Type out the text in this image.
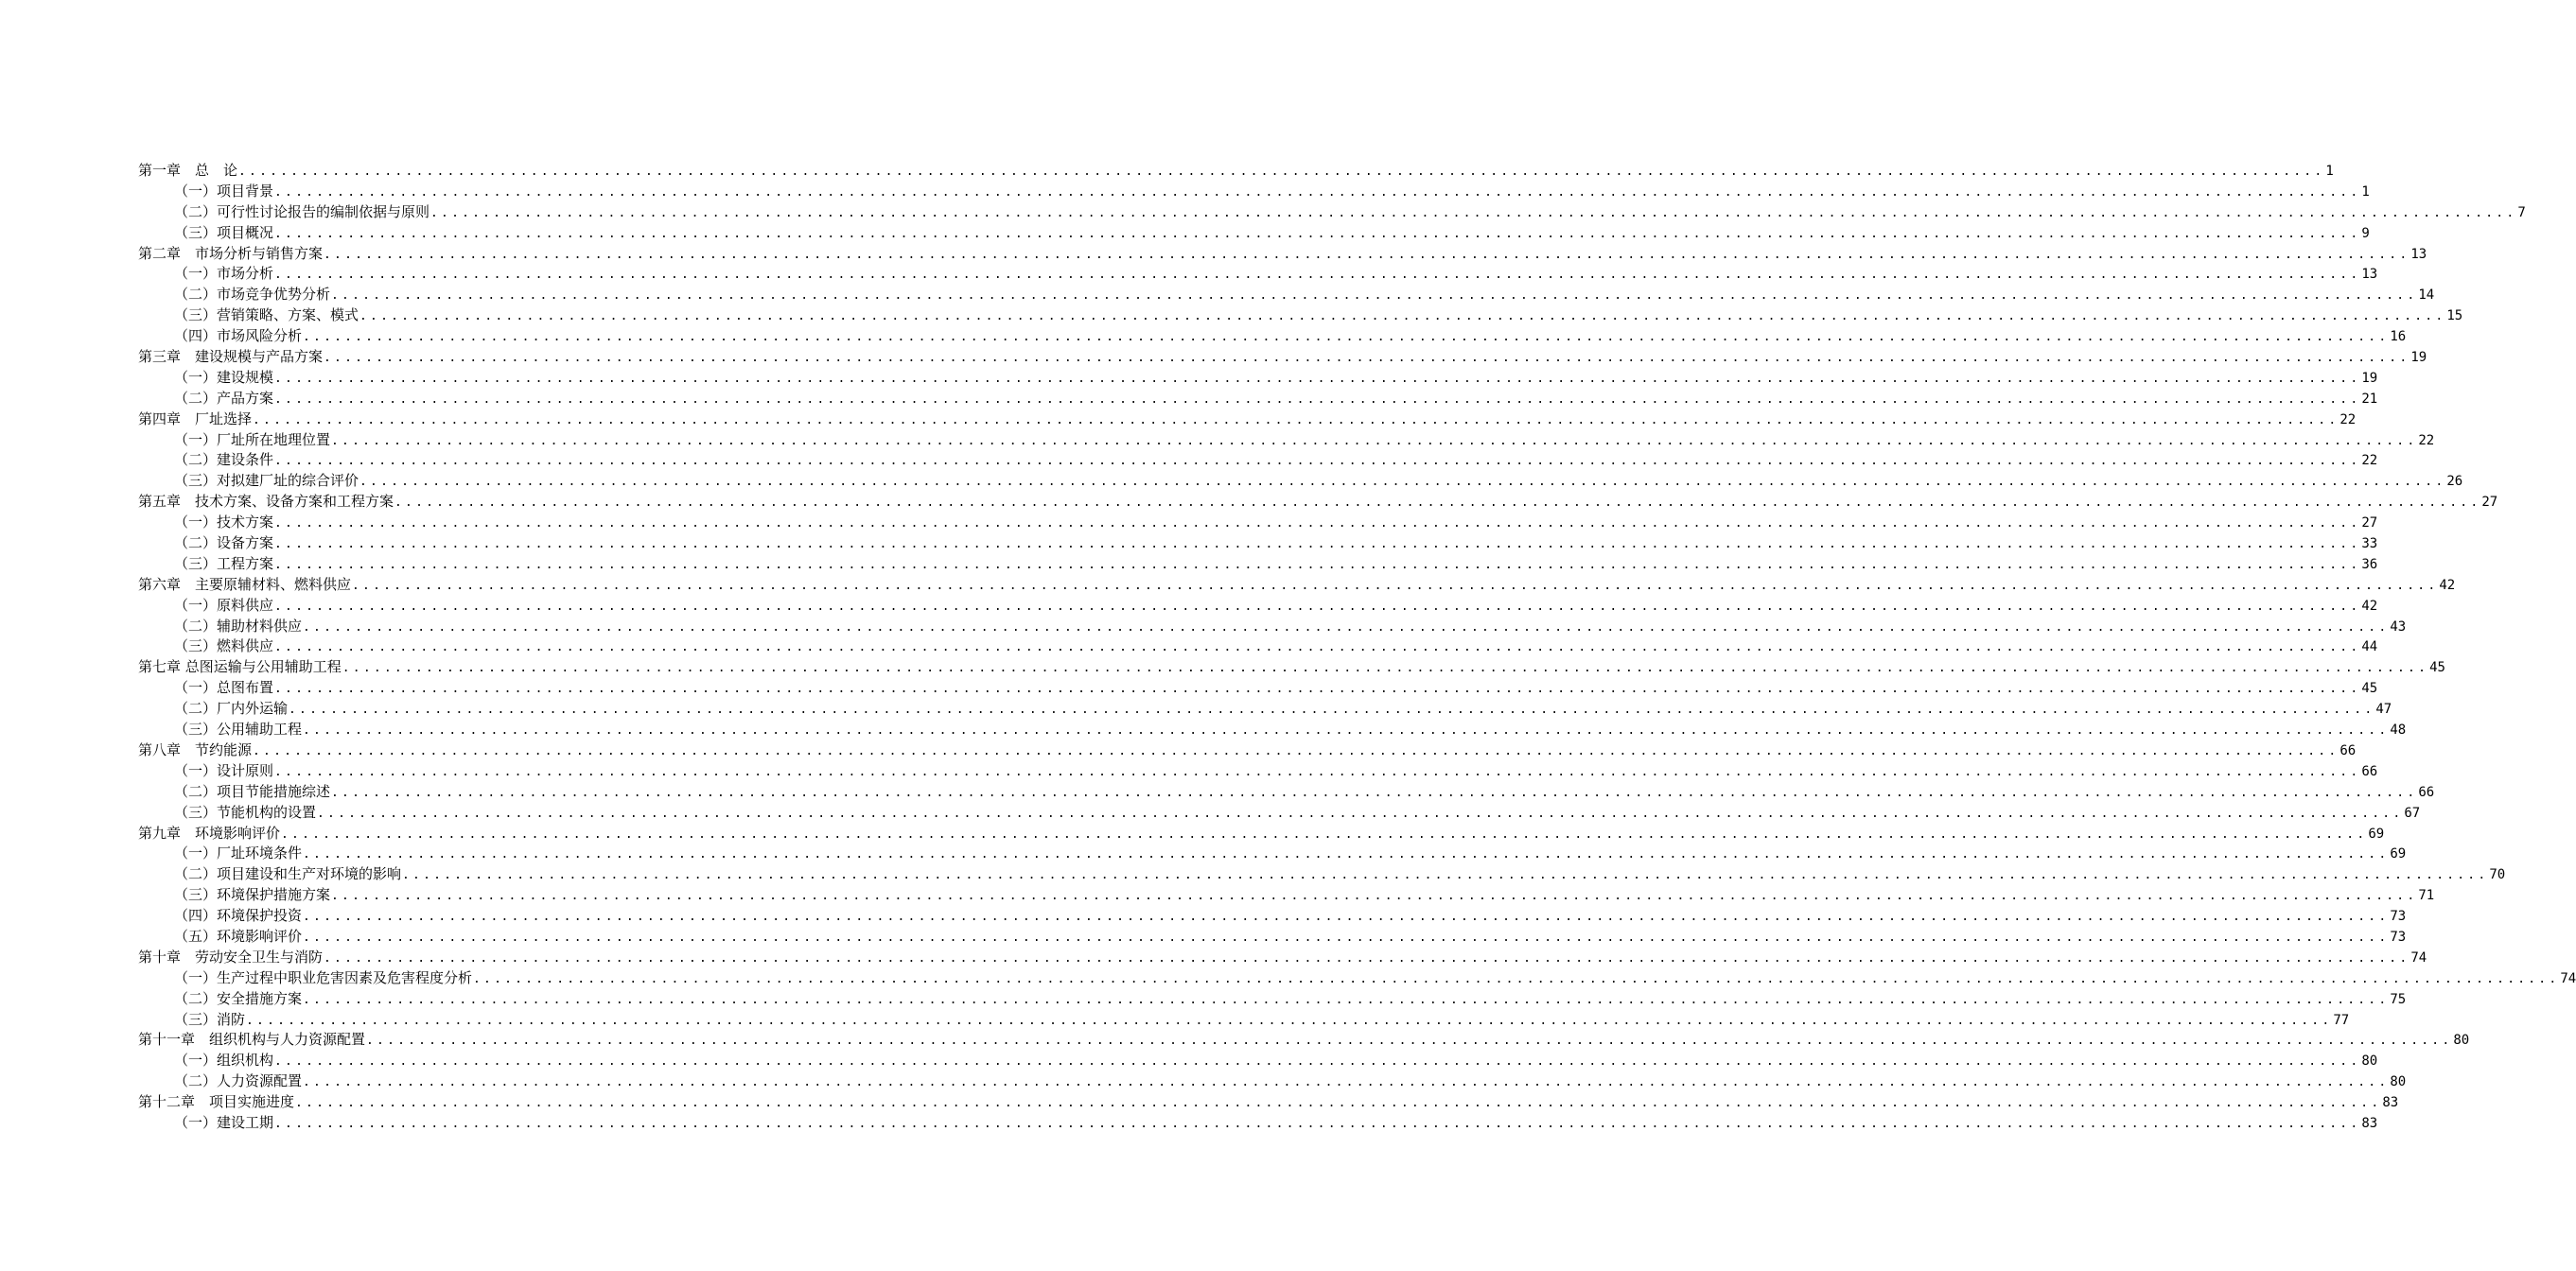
第一章　总　论 ........................................................................................................................................................................................................ 1
（一）项目背景 ........................................................................................................................................................................................................ 1
（二）可行性讨论报告的编制依据与原则 ........................................................................................................................................................................................................ 7
（三）项目概况 ........................................................................................................................................................................................................ 9
第二章　市场分析与销售方案 ........................................................................................................................................................................................................ 13
（一）市场分析 ........................................................................................................................................................................................................ 13
（二）市场竞争优势分析 ........................................................................................................................................................................................................ 14
（三）营销策略、方案、模式 ........................................................................................................................................................................................................ 15
（四）市场风险分析 ........................................................................................................................................................................................................ 16
第三章　建设规模与产品方案 ........................................................................................................................................................................................................ 19
（一）建设规模 ........................................................................................................................................................................................................ 19
（二）产品方案 ........................................................................................................................................................................................................ 21
第四章　厂址选择 ........................................................................................................................................................................................................ 22
（一）厂址所在地理位置 ........................................................................................................................................................................................................ 22
（二）建设条件 ........................................................................................................................................................................................................ 22
（三）对拟建厂址的综合评价 ........................................................................................................................................................................................................ 26
第五章　技术方案、设备方案和工程方案 ........................................................................................................................................................................................................ 27
（一）技术方案 ........................................................................................................................................................................................................ 27
（二）设备方案 ........................................................................................................................................................................................................ 33
（三）工程方案 ........................................................................................................................................................................................................ 36
第六章　主要原辅材料、燃料供应 ........................................................................................................................................................................................................ 42
（一）原料供应 ........................................................................................................................................................................................................ 42
（二）辅助材料供应 ........................................................................................................................................................................................................ 43
（三）燃料供应 ........................................................................................................................................................................................................ 44
第七章 总图运输与公用辅助工程 ........................................................................................................................................................................................................ 45
（一）总图布置 ........................................................................................................................................................................................................ 45
（二）厂内外运输 ........................................................................................................................................................................................................ 47
（三）公用辅助工程 ........................................................................................................................................................................................................ 48
第八章　节约能源 ........................................................................................................................................................................................................ 66
（一）设计原则 ........................................................................................................................................................................................................ 66
（二）项目节能措施综述 ........................................................................................................................................................................................................ 66
（三）节能机构的设置 ........................................................................................................................................................................................................ 67
第九章　环境影响评价 ........................................................................................................................................................................................................ 69
（一）厂址环境条件 ........................................................................................................................................................................................................ 69
（二）项目建设和生产对环境的影响 ........................................................................................................................................................................................................ 70
（三）环境保护措施方案 ........................................................................................................................................................................................................ 71
（四）环境保护投资 ........................................................................................................................................................................................................ 73
（五）环境影响评价 ........................................................................................................................................................................................................ 73
第十章　劳动安全卫生与消防 ........................................................................................................................................................................................................ 74
（一）生产过程中职业危害因素及危害程度分析 ........................................................................................................................................................................................................ 74
（二）安全措施方案 ........................................................................................................................................................................................................ 75
（三）消防 ........................................................................................................................................................................................................ 77
第十一章　组织机构与人力资源配置 ........................................................................................................................................................................................................ 80
（一）组织机构 ........................................................................................................................................................................................................ 80
（二）人力资源配置 ........................................................................................................................................................................................................ 80
第十二章　项目实施进度 ........................................................................................................................................................................................................ 83
（一）建设工期 ........................................................................................................................................................................................................ 83
